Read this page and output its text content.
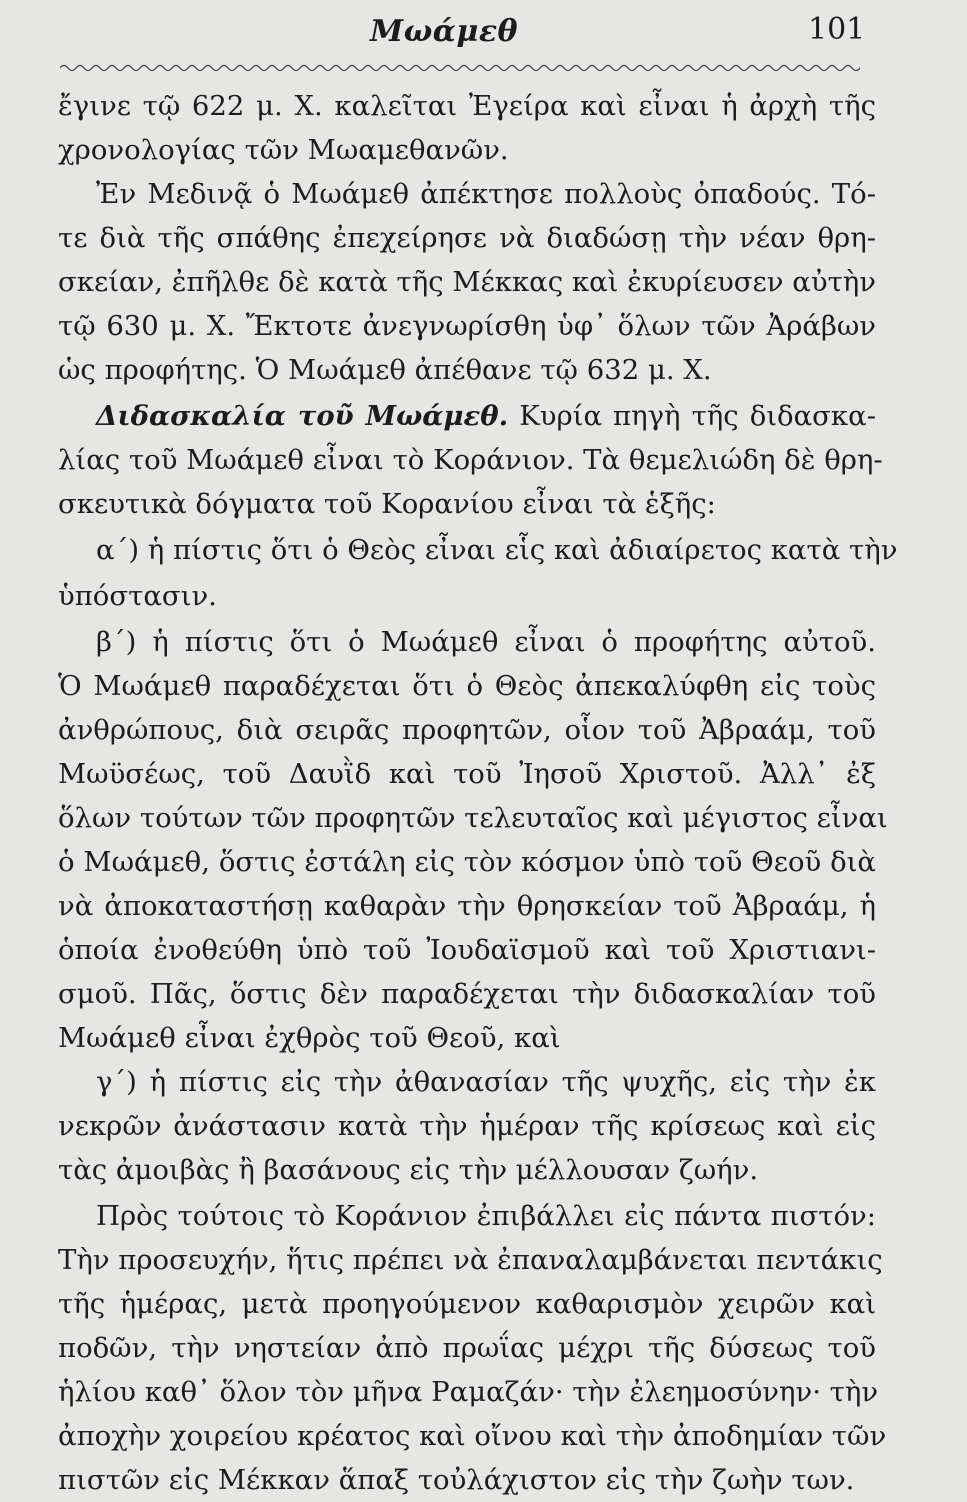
Μωάμεθ	101
ἔγινε τῷ 622 μ. Χ. καλεῖται Ἐγείρα καὶ εἶναι ἡ ἀρχὴ τῆς
χρονολογίας τῶν Μωαμεθανῶν.
Ἐν Μεδινᾷ ὁ Μωάμεθ ἀπέκτησε πολλοὺς ὀπαδούς. Τό-
τε διὰ τῆς σπάθης ἐπεχείρησε νὰ διαδώσῃ τὴν νέαν θρη-
σκείαν, ἐπῆλθε δὲ κατὰ τῆς Μέκκας καὶ ἐκυρίευσεν αὐτὴν
τῷ 630 μ. Χ. Ἔκτοτε ἀνεγνωρίσθη ὑφ᾿ ὅλων τῶν Ἀράβων
ὡς προφήτης. Ὁ Μωάμεθ ἀπέθανε τῷ 632 μ. Χ.
Διδασκαλία τοῦ Μωάμεθ. Κυρία πηγὴ τῆς διδασκα-
λίας τοῦ Μωάμεθ εἶναι τὸ Κοράνιον. Τὰ θεμελιώδη δὲ θρη-
σκευτικὰ δόγματα τοῦ Κορανίου εἶναι τὰ ἑξῆς:
α΄) ἡ πίστις ὅτι ὁ Θεὸς εἶναι εἷς καὶ ἀδιαίρετος κατὰ τὴν
ὑπόστασιν.
β΄) ἡ πίστις ὅτι ὁ Μωάμεθ εἶναι ὁ προφήτης αὐτοῦ.
Ὁ Μωάμεθ παραδέχεται ὅτι ὁ Θεὸς ἀπεκαλύφθη εἰς τοὺς
ἀνθρώπους, διὰ σειρᾶς προφητῶν, οἷον τοῦ Ἀβραάμ, τοῦ
Μωϋσέως, τοῦ Δαυῒδ καὶ τοῦ Ἰησοῦ Χριστοῦ. Ἀλλ᾿ ἐξ
ὅλων τούτων τῶν προφητῶν τελευταῖος καὶ μέγιστος εἶναι
ὁ Μωάμεθ, ὅστις ἐστάλη εἰς τὸν κόσμον ὑπὸ τοῦ Θεοῦ διὰ
νὰ ἀποκαταστήσῃ καθαρὰν τὴν θρησκείαν τοῦ Ἀβραάμ, ἡ
ὁποία ἐνοθεύθη ὑπὸ τοῦ Ἰουδαϊσμοῦ καὶ τοῦ Χριστιανι-
σμοῦ. Πᾶς, ὅστις δὲν παραδέχεται τὴν διδασκαλίαν τοῦ
Μωάμεθ εἶναι ἐχθρὸς τοῦ Θεοῦ, καὶ
γ΄) ἡ πίστις εἰς τὴν ἀθανασίαν τῆς ψυχῆς, εἰς τὴν ἐκ
νεκρῶν ἀνάστασιν κατὰ τὴν ἡμέραν τῆς κρίσεως καὶ εἰς
τὰς ἀμοιβὰς ἢ βασάνους εἰς τὴν μέλλουσαν ζωήν.
Πρὸς τούτοις τὸ Κοράνιον ἐπιβάλλει εἰς πάντα πιστόν:
Τὴν προσευχήν, ἥτις πρέπει νὰ ἐπαναλαμβάνεται πεντάκις
τῆς ἡμέρας, μετὰ προηγούμενον καθαρισμὸν χειρῶν καὶ
ποδῶν, τὴν νηστείαν ἀπὸ πρωΐας μέχρι τῆς δύσεως τοῦ
ἡλίου καθ᾿ ὅλον τὸν μῆνα Ραμαζάν· τὴν ἐλεημοσύνην· τὴν
ἀποχὴν χοιρείου κρέατος καὶ οἴνου καὶ τὴν ἀποδημίαν τῶν
πιστῶν εἰς Μέκκαν ἅπαξ τοὐλάχιστον εἰς τὴν ζωὴν των.
